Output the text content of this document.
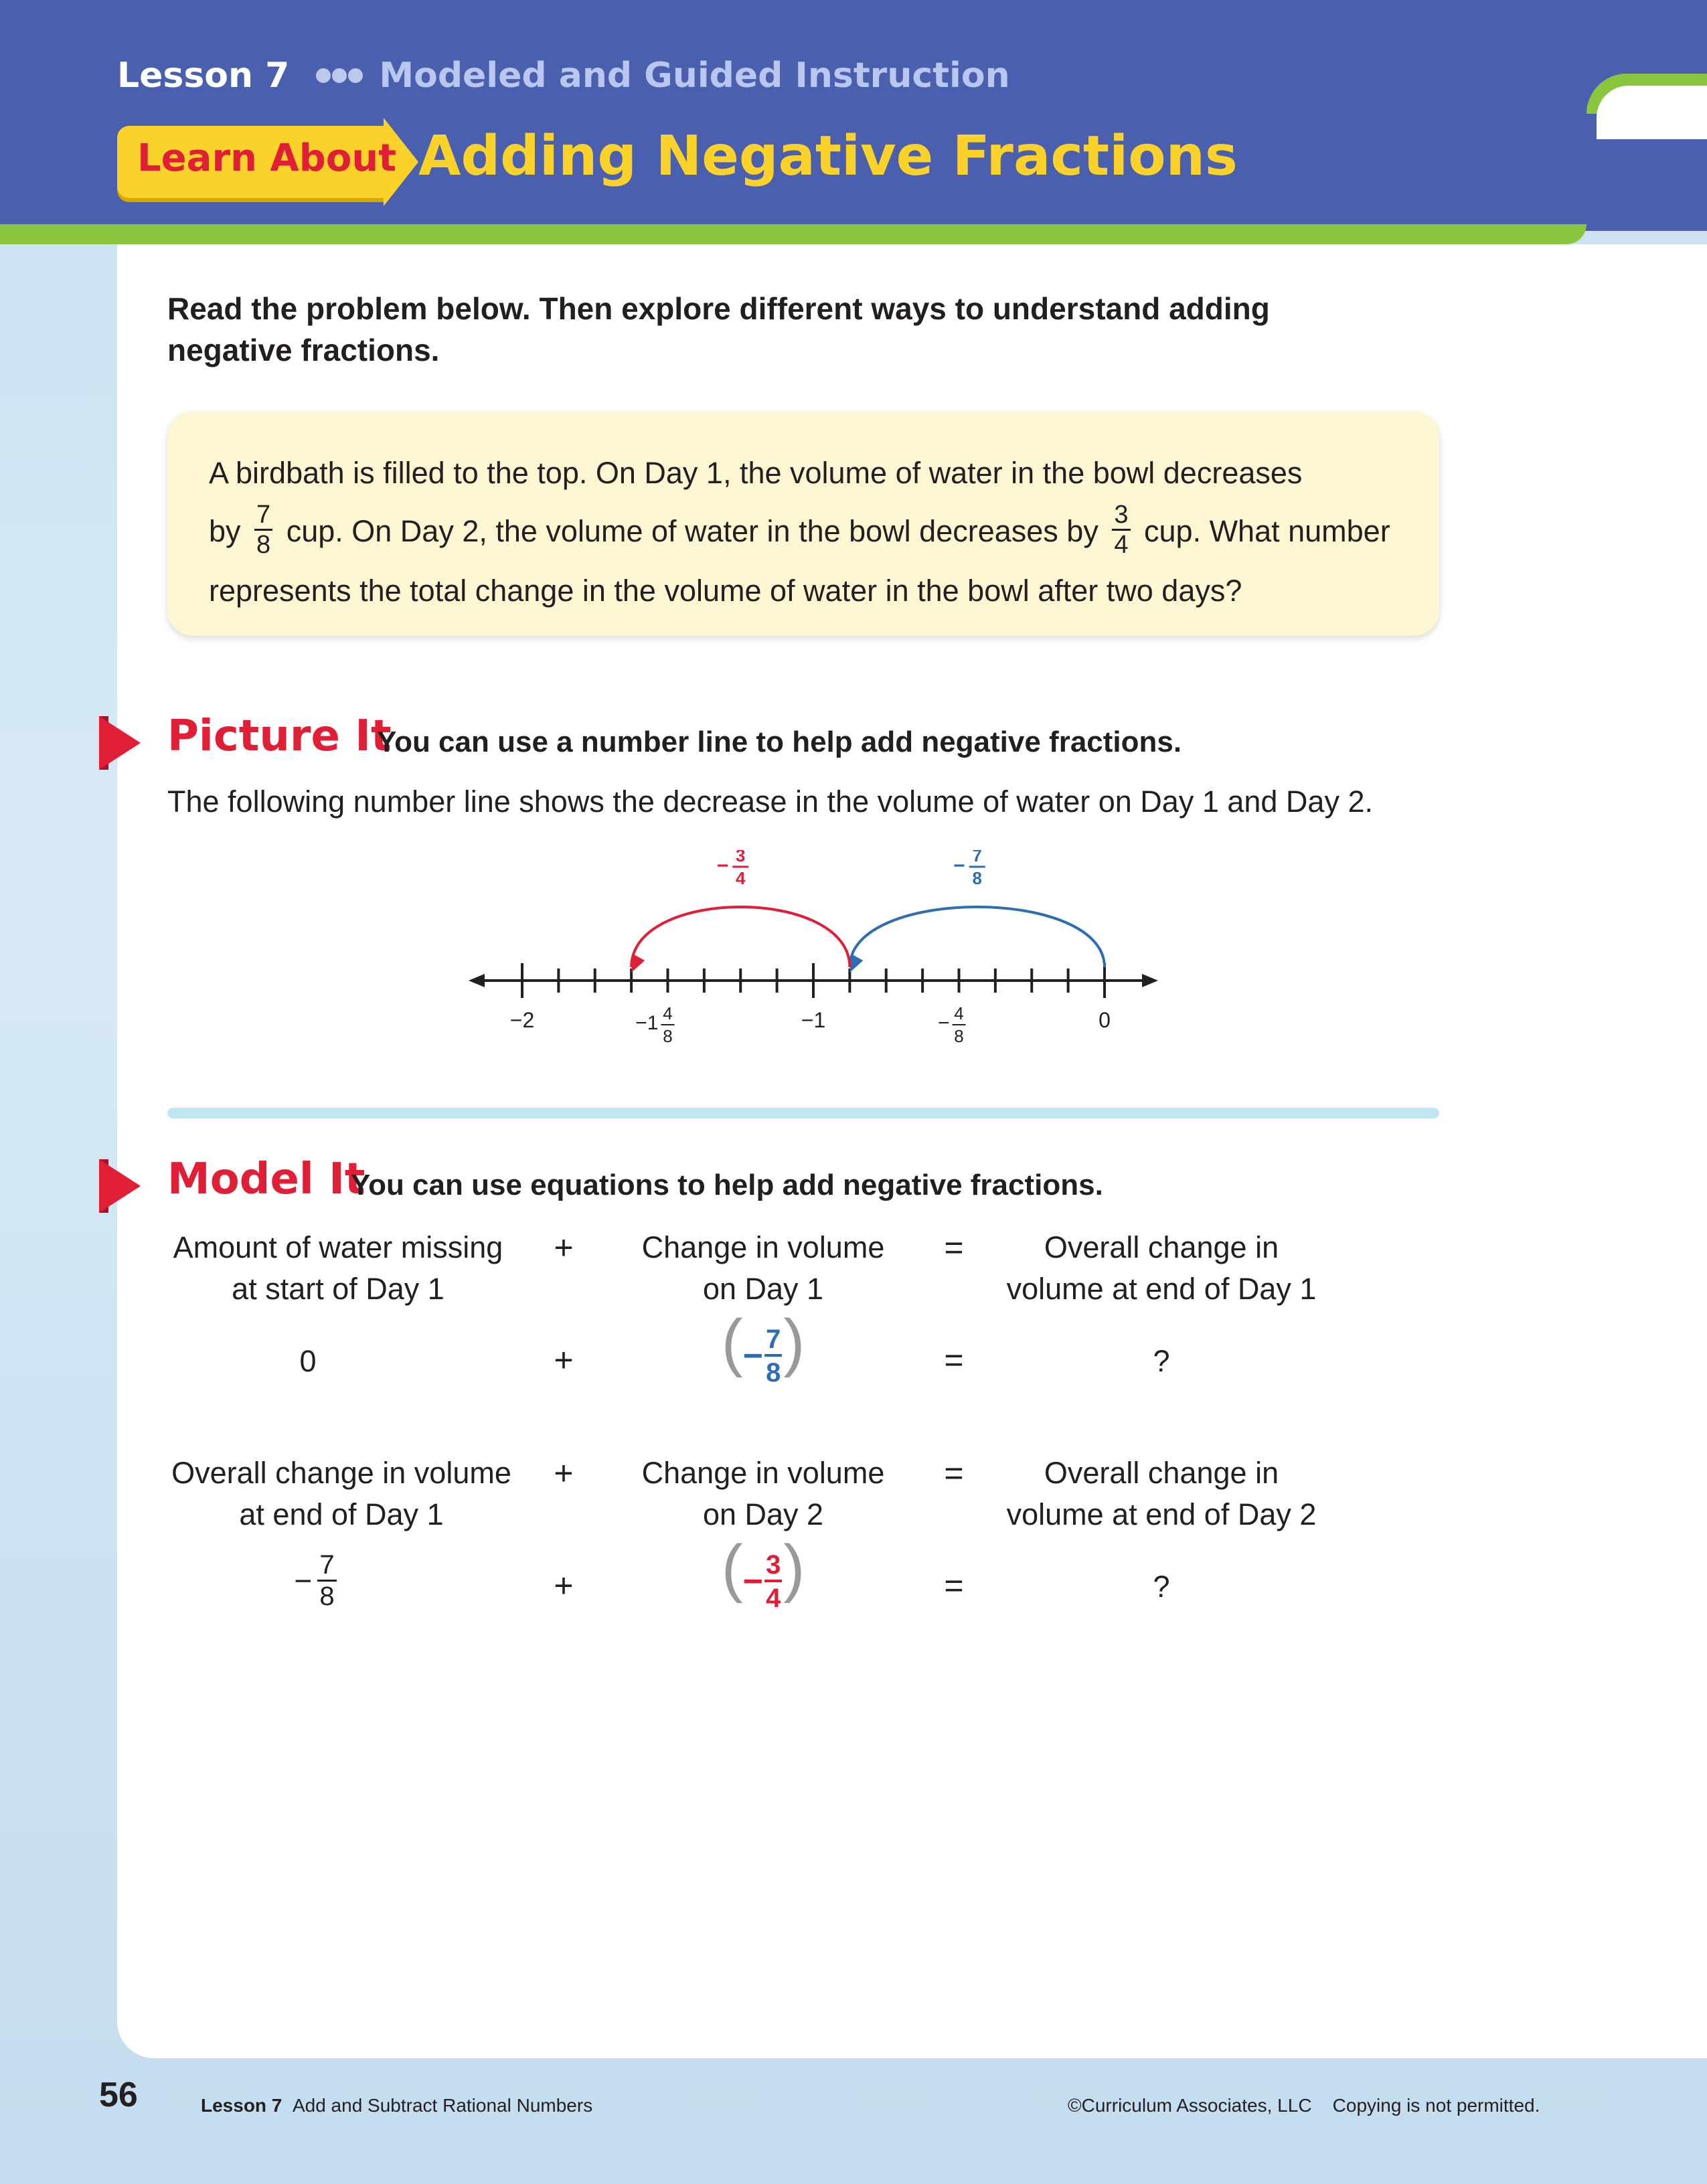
Lesson 7	Modeled and Guided Instruction
Learn About Adding Negative Fractions
Read the problem below. Then explore different ways to understand adding negative fractions.
A birdbath is filled to the top. On Day 1, the volume of water in the bowl decreases
by $\frac{7}{8}$ cup. On Day 2, the volume of water in the bowl decreases by $\frac{3}{4}$ cup. What number
represents the total change in the volume of water in the bowl after two days?
Picture It
You can use a number line to help add negative fractions.
The following number line shows the decrease in the volume of water on Day 1 and Day 2.
− 7
8
− 3
4
−2	−1 4
8
−1	− 4
8
0
Model It
You can use equations to help add negative fractions.
Amount of water missing
at start of Day 1
+	Change in volume
on Day 1
=	Overall change in
volume at end of Day 1
0	+	(− $\frac{7}{8}$ )	=	?
Overall change in volume
at end of Day 1
+	Change in volume
on Day 2
=	Overall change in
volume at end of Day 2
− $\frac{7}{8}$	+	(− $\frac{3}{4}$ )	=	?
56	Lesson 7 Add and Subtract Rational Numbers	©Curriculum Associates, LLC Copying is not permitted.
